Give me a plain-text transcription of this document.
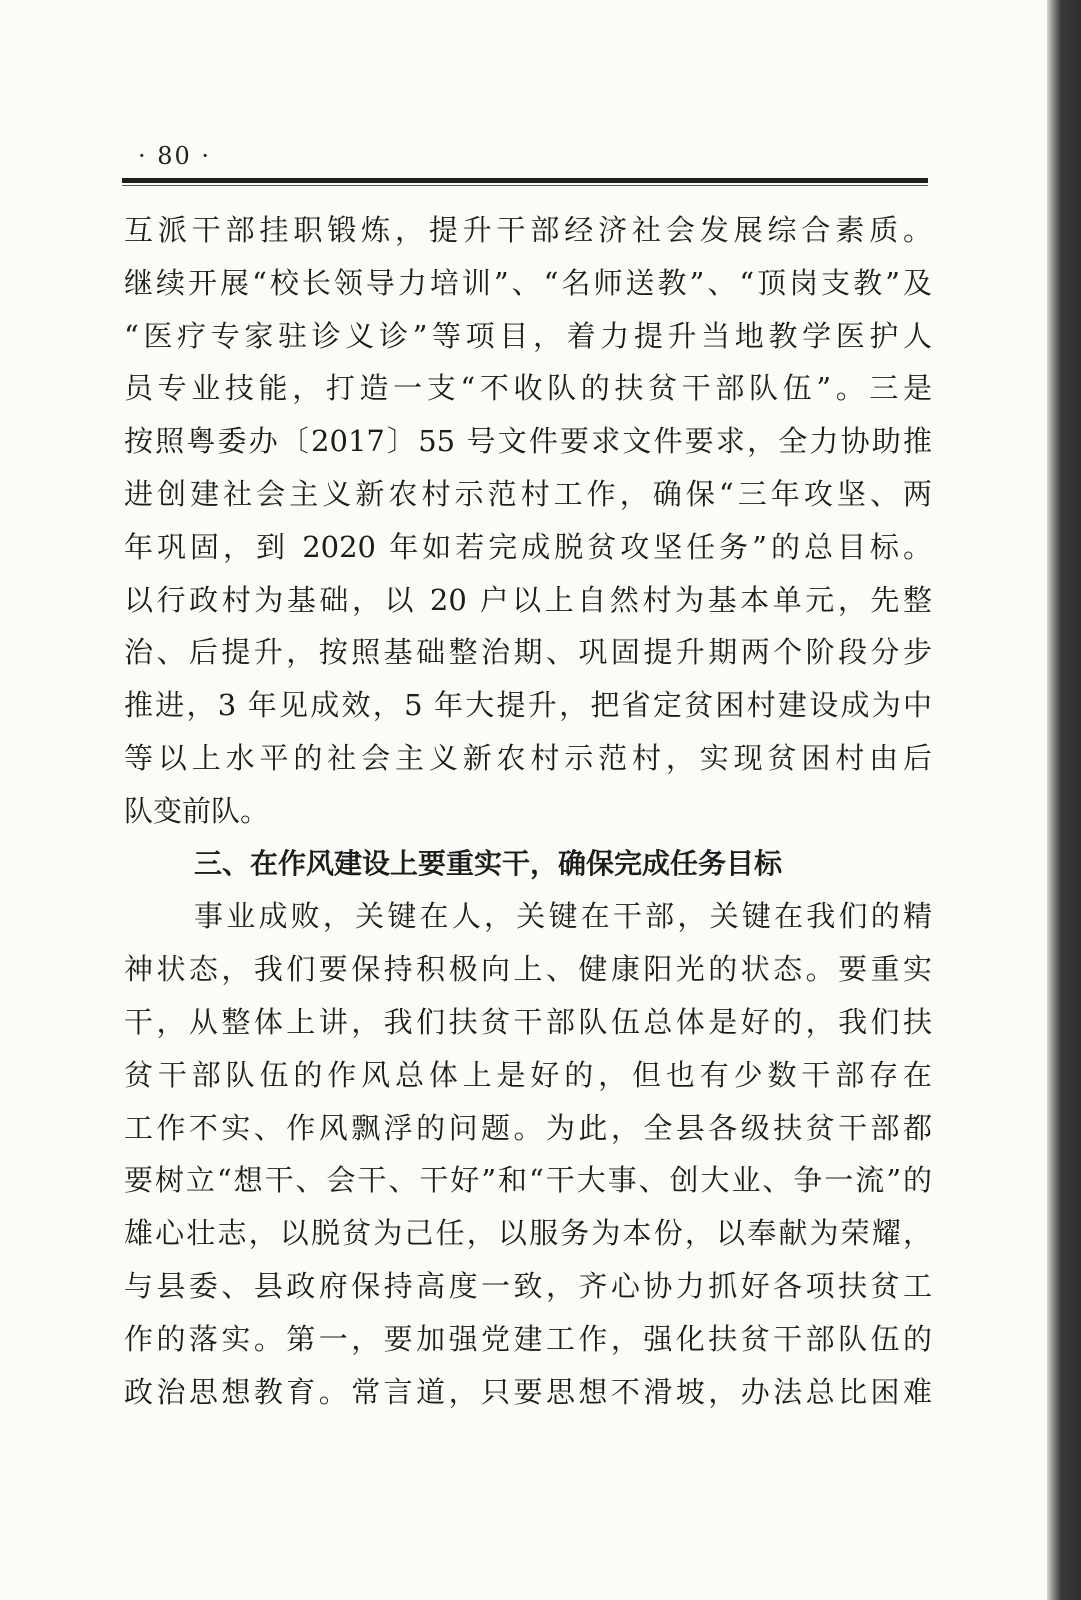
· 80 ·
互派干部挂职锻炼，提升干部经济社会发展综合素质。
继续开展“校长领导力培训”、“名师送教”、“顶岗支教”及
“医疗专家驻诊义诊”等项目，着力提升当地教学医护人
员专业技能，打造一支“不收队的扶贫干部队伍”。三是
按照粤委办〔2017〕55 号文件要求文件要求，全力协助推
进创建社会主义新农村示范村工作，确保“三年攻坚、两
年巩固，到 2020 年如若完成脱贫攻坚任务”的总目标。
以行政村为基础，以 20 户以上自然村为基本单元，先整
治、后提升，按照基础整治期、巩固提升期两个阶段分步
推进，3 年见成效，5 年大提升，把省定贫困村建设成为中
等以上水平的社会主义新农村示范村，实现贫困村由后
队变前队。
三、在作风建设上要重实干，确保完成任务目标
事业成败，关键在人，关键在干部，关键在我们的精
神状态，我们要保持积极向上、健康阳光的状态。要重实
干，从整体上讲，我们扶贫干部队伍总体是好的，我们扶
贫干部队伍的作风总体上是好的，但也有少数干部存在
工作不实、作风飘浮的问题。为此，全县各级扶贫干部都
要树立“想干、会干、干好”和“干大事、创大业、争一流”的
雄心壮志，以脱贫为己任，以服务为本份，以奉献为荣耀，
与县委、县政府保持高度一致，齐心协力抓好各项扶贫工
作的落实。第一，要加强党建工作，强化扶贫干部队伍的
政治思想教育。常言道，只要思想不滑坡，办法总比困难
